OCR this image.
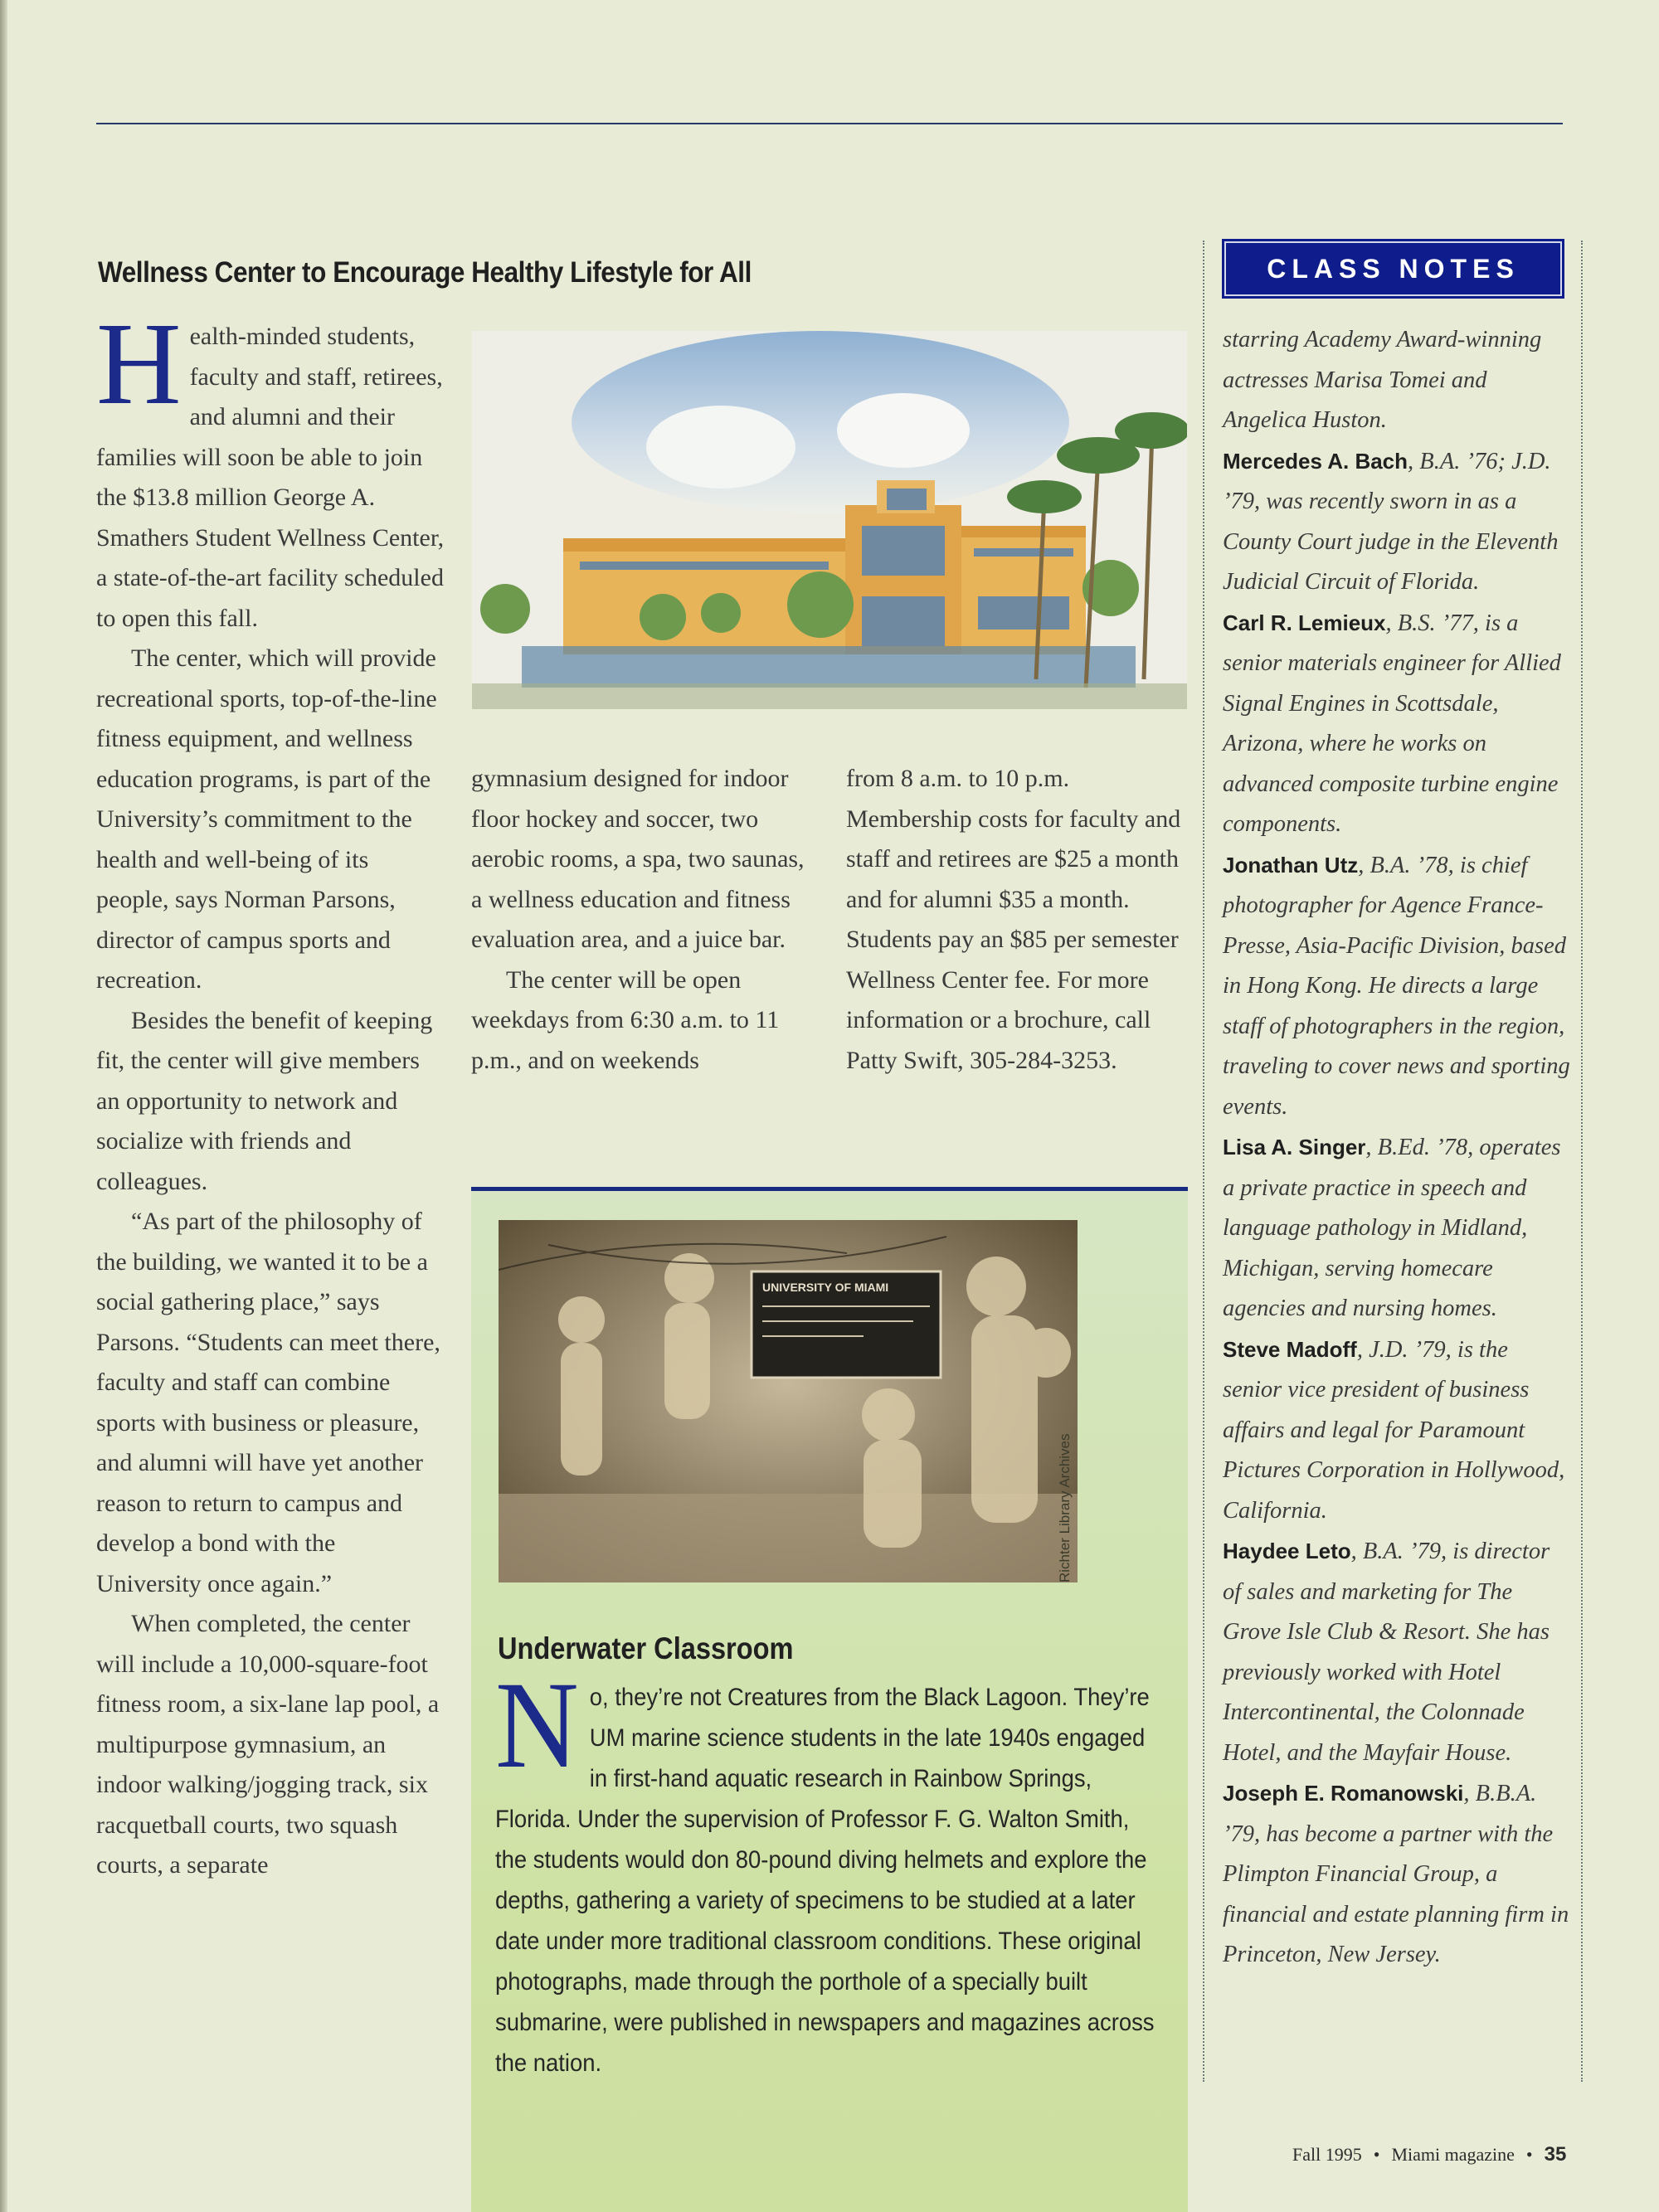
Wellness Center to Encourage Healthy Lifestyle for All

Health-minded students, faculty and staff, retirees, and alumni and their families will soon be able to join the $13.8 million George A. Smathers Student Wellness Center, a state-of-the-art facility scheduled to open this fall.

The center, which will provide recreational sports, top-of-the-line fitness equipment, and wellness education programs, is part of the University’s commitment to the health and well-being of its people, says Norman Parsons, director of campus sports and recreation.

Besides the benefit of keeping fit, the center will give members an opportunity to network and socialize with friends and colleagues.

“As part of the philosophy of the building, we wanted it to be a social gathering place,” says Parsons. “Students can meet there, faculty and staff can combine sports with business or pleasure, and alumni will have yet another reason to return to campus and develop a bond with the University once again.”

When completed, the center will include a 10,000-square-foot fitness room, a six-lane lap pool, a multipurpose gymnasium, an indoor walking/jogging track, six racquetball courts, two squash courts, a separate

gymnasium designed for indoor floor hockey and soccer, two aerobic rooms, a spa, two saunas, a wellness education and fitness evaluation area, and a juice bar.

The center will be open weekdays from 6:30 a.m. to 11 p.m., and on weekends

from 8 a.m. to 10 p.m. Membership costs for faculty and staff and retirees are $25 a month and for alumni $35 a month. Students pay an $85 per semester Wellness Center fee. For more information or a brochure, call Patty Swift, 305-284-3253.

UNIVERSITY OF MIAMI
Richter Library Archives
Underwater Classroom

No, they’re not Creatures from the Black Lagoon. They’re UM marine science students in the late 1940s engaged in first-hand aquatic research in Rainbow Springs, Florida. Under the supervision of Professor F. G. Walton Smith, the students would don 80-pound diving helmets and explore the depths, gathering a variety of specimens to be studied at a later date under more traditional classroom conditions. These original photographs, made through the porthole of a specially built submarine, were published in newspapers and magazines across the nation.

CLASS NOTES

starring Academy Award-winning actresses Marisa Tomei and Angelica Huston.

Mercedes A. Bach, B.A. ’76; J.D. ’79, was recently sworn in as a County Court judge in the Eleventh Judicial Circuit of Florida.

Carl R. Lemieux, B.S. ’77, is a senior materials engineer for Allied Signal Engines in Scottsdale, Arizona, where he works on advanced composite turbine engine components.

Jonathan Utz, B.A. ’78, is chief photographer for Agence France-Presse, Asia-Pacific Division, based in Hong Kong. He directs a large staff of photographers in the region, traveling to cover news and sporting events.

Lisa A. Singer, B.Ed. ’78, operates a private practice in speech and language pathology in Midland, Michigan, serving homecare agencies and nursing homes.

Steve Madoff, J.D. ’79, is the senior vice president of business affairs and legal for Paramount Pictures Corporation in Hollywood, California.

Haydee Leto, B.A. ’79, is director of sales and marketing for The Grove Isle Club & Resort. She has previously worked with Hotel Intercontinental, the Colonnade Hotel, and the Mayfair House.

Joseph E. Romanowski, B.B.A. ’79, has become a partner with the Plimpton Financial Group, a financial and estate planning firm in Princeton, New Jersey.

Fall 1995 • Miami magazine • 35
